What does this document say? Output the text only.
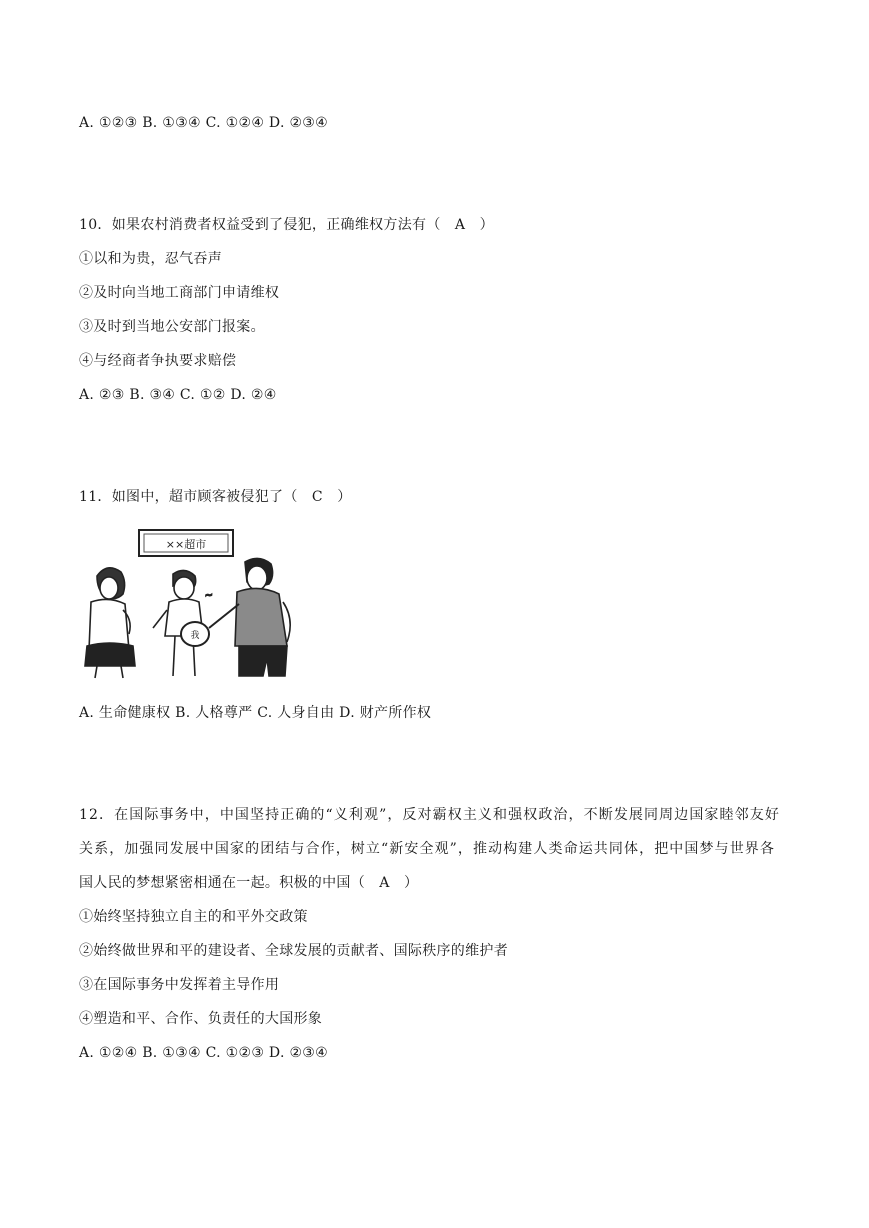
A. ①②③ B. ①③④ C. ①②④ D. ②③④
10．如果农村消费者权益受到了侵犯，正确维权方法有（　A　）
①以和为贵，忍气吞声
②及时向当地工商部门申请维权
③及时到当地公安部门报案。
④与经商者争执要求赔偿
A. ②③ B. ③④ C. ①② D. ②④
11．如图中，超市顾客被侵犯了（　C　）
××超市
~
我
A. 生命健康权 B. 人格尊严 C. 人身自由 D. 财产所作权
12．在国际事务中，中国坚持正确的“义利观”，反对霸权主义和强权政治，不断发展同周边国家睦邻友好
关系，加强同发展中国家的团结与合作，树立“新安全观”，推动构建人类命运共同体，把中国梦与世界各
国人民的梦想紧密相通在一起。积极的中国（　A　）
①始终坚持独立自主的和平外交政策
②始终做世界和平的建设者、全球发展的贡献者、国际秩序的维护者
③在国际事务中发挥着主导作用
④塑造和平、合作、负责任的大国形象
A. ①②④ B. ①③④ C. ①②③ D. ②③④
